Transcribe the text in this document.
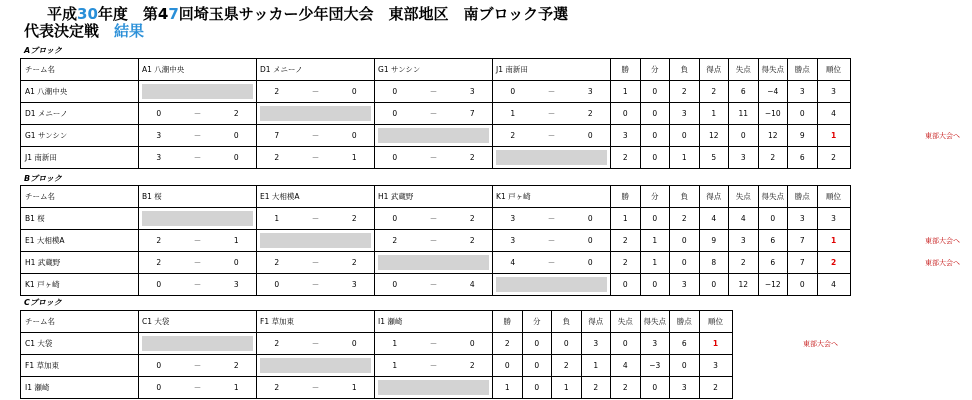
平成30年度　第47回埼玉県サッカー少年団大会　東部地区　南ブロック予選
代表決定戦　 結果
Aブロック
東部大会へ
チーム名	A1 八潮中央			D1 メニーノ			G1 サンシン			J1 南新田			勝	分	負	得点	失点	得失点	勝点	順位
A1 八潮中央				2	－	0	0	－	3	0	－	3	1	0	2	2	6	−4	3	3
D1 メニーノ	0	－	2				0	－	7	1	－	2	0	0	3	1	11	−10	0	4
G1 サンシン	3	－	0	7	－	0				2	－	0	3	0	0	12	0	12	9	1
J1 南新田	3	－	0	2	－	1	0	－	2				2	0	1	5	3	2	6	2
Bブロック
東部大会へ
東部大会へ
チーム名	B1 桜			E1 大相模A			H1 武蔵野			K1 戸ヶ崎			勝	分	負	得点	失点	得失点	勝点	順位
B1 桜				1	－	2	0	－	2	3	－	0	1	0	2	4	4	0	3	3
E1 大相模A	2	－	1				2	－	2	3	－	0	2	1	0	9	3	6	7	1
H1 武蔵野	2	－	0	2	－	2				4	－	0	2	1	0	8	2	6	7	2
K1 戸ヶ崎	0	－	3	0	－	3	0	－	4				0	0	3	0	12	−12	0	4
Cブロック
東部大会へ
チーム名	C1 大袋			F1 草加東			I1 瀬崎			勝	分	負	得点	失点	得失点	勝点	順位
C1 大袋				2	－	0	1	－	0	2	0	0	3	0	3	6	1
F1 草加東	0	－	2				1	－	2	0	0	2	1	4	−3	0	3
I1 瀬崎	0	－	1	2	－	1				1	0	1	2	2	0	3	2
